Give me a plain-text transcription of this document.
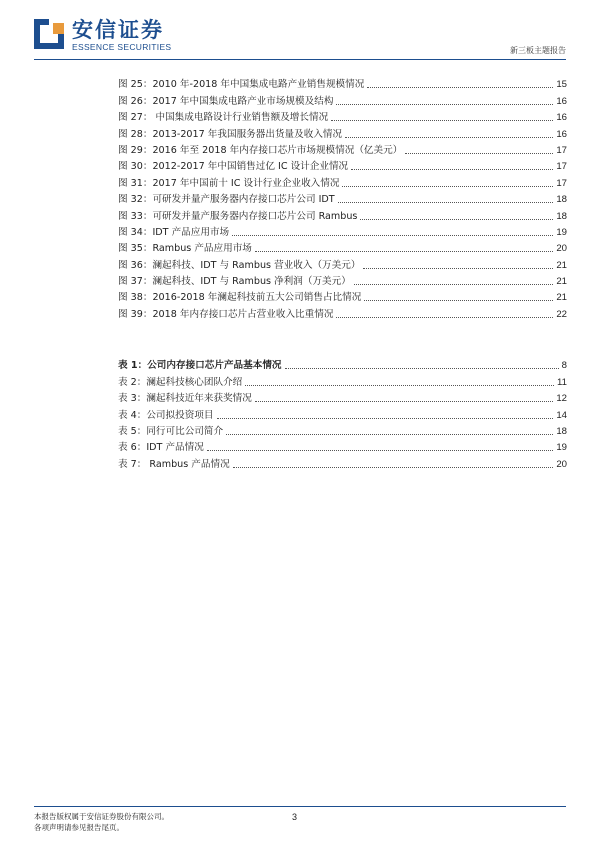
安信证券
ESSENCE SECURITIES	新三板主题报告
图 25：2010 年-2018 年中国集成电路产业销售规模情况	15
图 26：2017 年中国集成电路产业市场规模及结构	16
图 27： 中国集成电路设计行业销售额及增长情况	16
图 28：2013-2017 年我国服务器出货量及收入情况	16
图 29：2016 年至 2018 年内存接口芯片市场规模情况（亿美元）	17
图 30：2012-2017 年中国销售过亿 IC 设计企业情况	17
图 31：2017 年中国前十 IC 设计行业企业收入情况	17
图 32：可研发并量产服务器内存接口芯片公司 IDT	18
图 33：可研发并量产服务器内存接口芯片公司 Rambus	18
图 34：IDT 产品应用市场	19
图 35：Rambus 产品应用市场	20
图 36：澜起科技、IDT 与 Rambus 营业收入（万美元）	21
图 37：澜起科技、IDT 与 Rambus 净利润（万美元）	21
图 38：2016-2018 年澜起科技前五大公司销售占比情况	21
图 39：2018 年内存接口芯片占营业收入比重情况	22
表 1：公司内存接口芯片产品基本情况	8
表 2：澜起科技核心团队介绍	11
表 3：澜起科技近年来获奖情况	12
表 4：公司拟投资项目	14
表 5：同行可比公司简介	18
表 6：IDT 产品情况	19
表 7： Rambus 产品情况	20
本报告版权属于安信证券股份有限公司。
各项声明请参见报告尾页。
3
